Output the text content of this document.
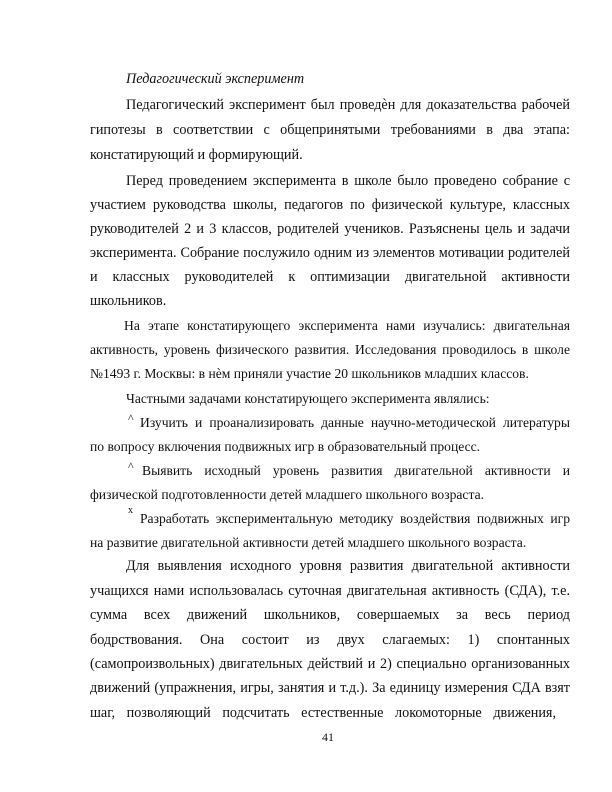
Педагогический эксперимент
Педагогический эксперимент был проведѐн для доказательства рабочей
гипотезы в соответствии с общепринятыми требованиями в два этапа:
констатирующий и формирующий.
Перед проведением эксперимента в школе было проведено собрание с
участием руководства школы, педагогов по физической культуре, классных
руководителей 2 и 3 классов, родителей учеников. Разъяснены цель и задачи
эксперимента. Собрание послужило одним из элементов мотивации родителей
и классных руководителей к оптимизации двигательной активности
школьников.
На этапе констатирующего эксперимента нами изучались: двигательная
активность, уровень физического развития. Исследования проводилось в школе
№1493 г. Москвы: в нѐм приняли участие 20 школьников младших классов.
Частными задачами констатирующего эксперимента являлись:
^ Изучить и проанализировать данные научно-методической литературы
по вопросу включения подвижных игр в образовательный процесс.
^ Выявить исходный уровень развития двигательной активности и
физической подготовленности детей младшего школьного возраста.
x
Разработать экспериментальную методику воздействия подвижных игр
на развитие двигательной активности детей младшего школьного возраста.
Для выявления исходного уровня развития двигательной активности
учащихся нами использовалась суточная двигательная активность (СДА), т.е.
сумма всех движений школьников, совершаемых за весь период
бодрствования. Она состоит из двух слагаемых: 1) спонтанных
(самопроизвольных) двигательных действий и 2) специально организованных
движений (упражнения, игры, занятия и т.д.). За единицу измерения СДА взят
шаг, позволяющий подсчитать естественные локомоторные движения,
41
